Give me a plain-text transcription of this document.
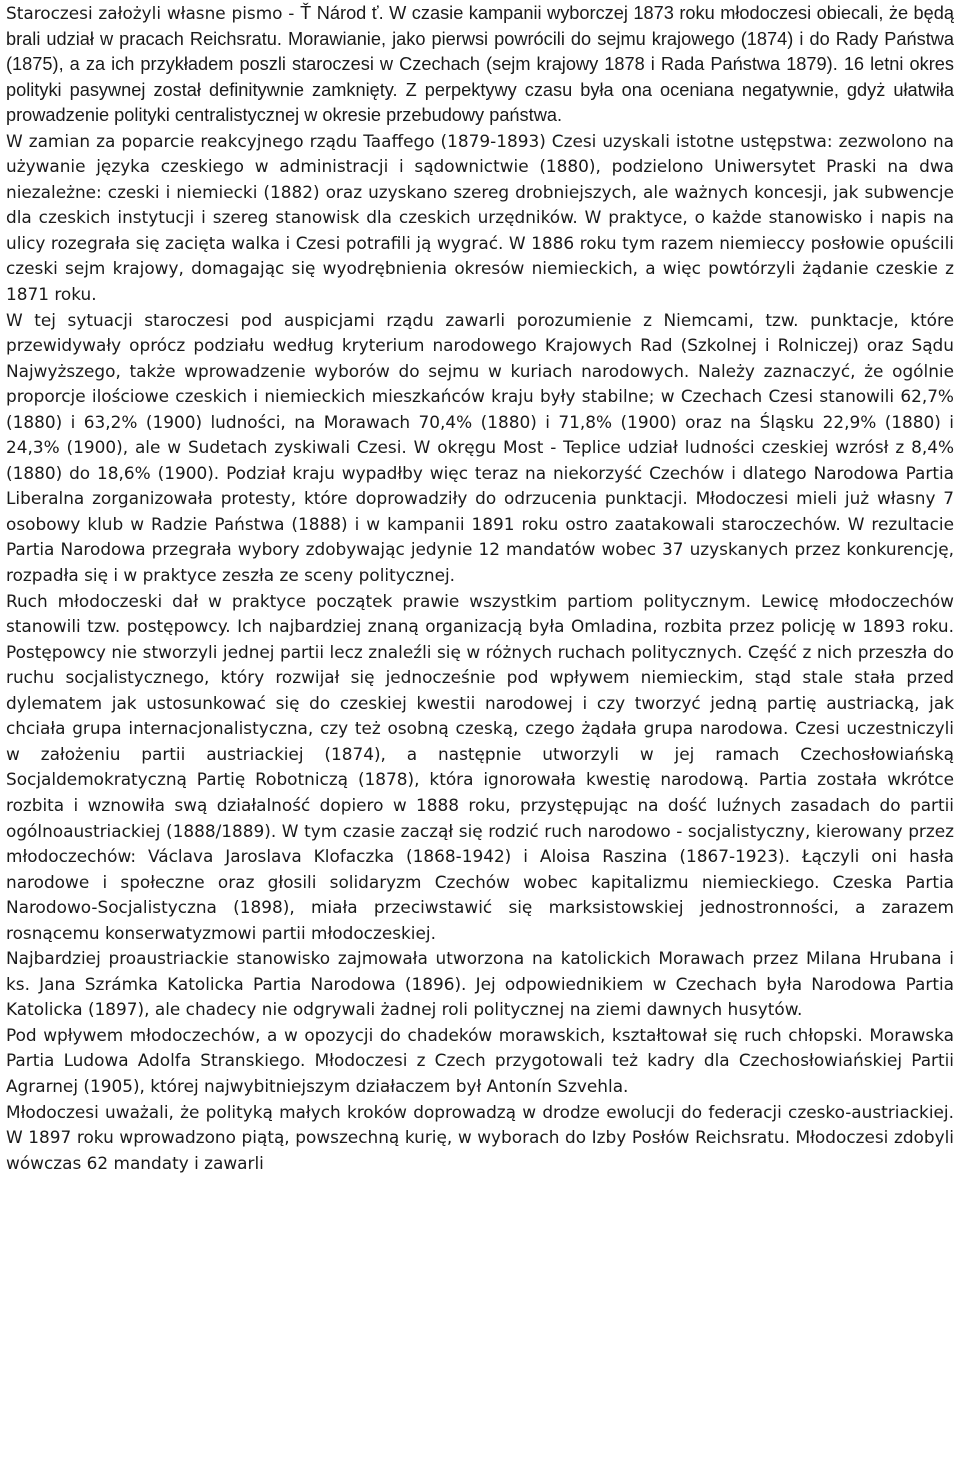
Staroczesi założyli własne pismo - Ť Národ ť. W czasie kampanii wyborczej 1873 roku młodoczesi obiecali, że będą brali udział w pracach Reichsratu. Morawianie, jako pierwsi powrócili do sejmu krajowego (1874) i do Rady Państwa (1875), a za ich przykładem poszli staroczesi w Czechach (sejm krajowy 1878 i Rada Państwa 1879). 16 letni okres polityki pasywnej został definitywnie zamknięty. Z perpektywy czasu była ona oceniana negatywnie, gdyż ułatwiła prowadzenie polityki centralistycznej w okresie przebudowy państwa.

W zamian za poparcie reakcyjnego rządu Taaffego (1879-1893) Czesi uzyskali istotne ustępstwa: zezwolono na używanie języka czeskiego w administracji i sądownictwie (1880), podzielono Uniwersytet Praski na dwa niezależne: czeski i niemiecki (1882) oraz uzyskano szereg drobniejszych, ale ważnych koncesji, jak subwencje dla czeskich instytucji i szereg stanowisk dla czeskich urzędników. W praktyce, o każde stanowisko i napis na ulicy rozegrała się zacięta walka i Czesi potrafili ją wygrać. W 1886 roku tym razem niemieccy posłowie opuścili czeski sejm krajowy, domagając się wyodrębnienia okresów niemieckich, a więc powtórzyli żądanie czeskie z 1871 roku.

W tej sytuacji staroczesi pod auspicjami rządu zawarli porozumienie z Niemcami, tzw. punktacje, które przewidywały oprócz podziału według kryterium narodowego Krajowych Rad (Szkolnej i Rolniczej) oraz Sądu Najwyższego, także wprowadzenie wyborów do sejmu w kuriach narodowych. Należy zaznaczyć, że ogólnie proporcje ilościowe czeskich i niemieckich mieszkańców kraju były stabilne; w Czechach Czesi stanowili 62,7% (1880) i 63,2% (1900) ludności, na Morawach 70,4% (1880) i 71,8% (1900) oraz na Śląsku 22,9% (1880) i 24,3% (1900), ale w Sudetach zyskiwali Czesi. W okręgu Most - Teplice udział ludności czeskiej wzrósł z 8,4% (1880) do 18,6% (1900). Podział kraju wypadłby więc teraz na niekorzyść Czechów i dlatego Narodowa Partia Liberalna zorganizowała protesty, które doprowadziły do odrzucenia punktacji. Młodoczesi mieli już własny 7 osobowy klub w Radzie Państwa (1888) i w kampanii 1891 roku ostro zaatakowali staroczechów. W rezultacie Partia Narodowa przegrała wybory zdobywając jedynie 12 mandatów wobec 37 uzyskanych przez konkurencję, rozpadła się i w praktyce zeszła ze sceny politycznej.

Ruch młodoczeski dał w praktyce początek prawie wszystkim partiom politycznym. Lewicę młodoczechów stanowili tzw. postępowcy. Ich najbardziej znaną organizacją była Omladina, rozbita przez policję w 1893 roku. Postępowcy nie stworzyli jednej partii lecz znaleźli się w różnych ruchach politycznych. Część z nich przeszła do ruchu socjalistycznego, który rozwijał się jednocześnie pod wpływem niemieckim, stąd stale stała przed dylematem jak ustosunkować się do czeskiej kwestii narodowej i czy tworzyć jedną partię austriacką, jak chciała grupa internacjonalistyczna, czy też osobną czeską, czego żądała grupa narodowa. Czesi uczestniczyli w założeniu partii austriackiej (1874), a następnie utworzyli w jej ramach Czechosłowiańską Socjaldemokratyczną Partię Robotniczą (1878), która ignorowała kwestię narodową. Partia została wkrótce rozbita i wznowiła swą działalność dopiero w 1888 roku, przystępując na dość luźnych zasadach do partii ogólnoaustriackiej (1888/1889). W tym czasie zaczął się rodzić ruch narodowo - socjalistyczny, kierowany przez młodoczechów: Václava Jaroslava Klofaczka (1868-1942) i Aloisa Raszina (1867-1923). Łączyli oni hasła narodowe i społeczne oraz głosili solidaryzm Czechów wobec kapitalizmu niemieckiego. Czeska Partia Narodowo-Socjalistyczna (1898), miała przeciwstawić się marksistowskiej jednostronności, a zarazem rosnącemu konserwatyzmowi partii młodoczeskiej.

Najbardziej proaustriackie stanowisko zajmowała utworzona na katolickich Morawach przez Milana Hrubana i ks. Jana Szrámka Katolicka Partia Narodowa (1896). Jej odpowiednikiem w Czechach była Narodowa Partia Katolicka (1897), ale chadecy nie odgrywali żadnej roli politycznej na ziemi dawnych husytów.

Pod wpływem młodoczechów, a w opozycji do chadeków morawskich, kształtował się ruch chłopski. Morawska Partia Ludowa Adolfa Stranskiego. Młodoczesi z Czech przygotowali też kadry dla Czechosłowiańskiej Partii Agrarnej (1905), której najwybitniejszym działaczem był Antonín Szvehla.

Młodoczesi uważali, że polityką małych kroków doprowadzą w drodze ewolucji do federacji czesko-austriackiej. W 1897 roku wprowadzono piątą, powszechną kurię, w wyborach do Izby Posłów Reichsratu. Młodoczesi zdobyli wówczas 62 mandaty i zawarli
